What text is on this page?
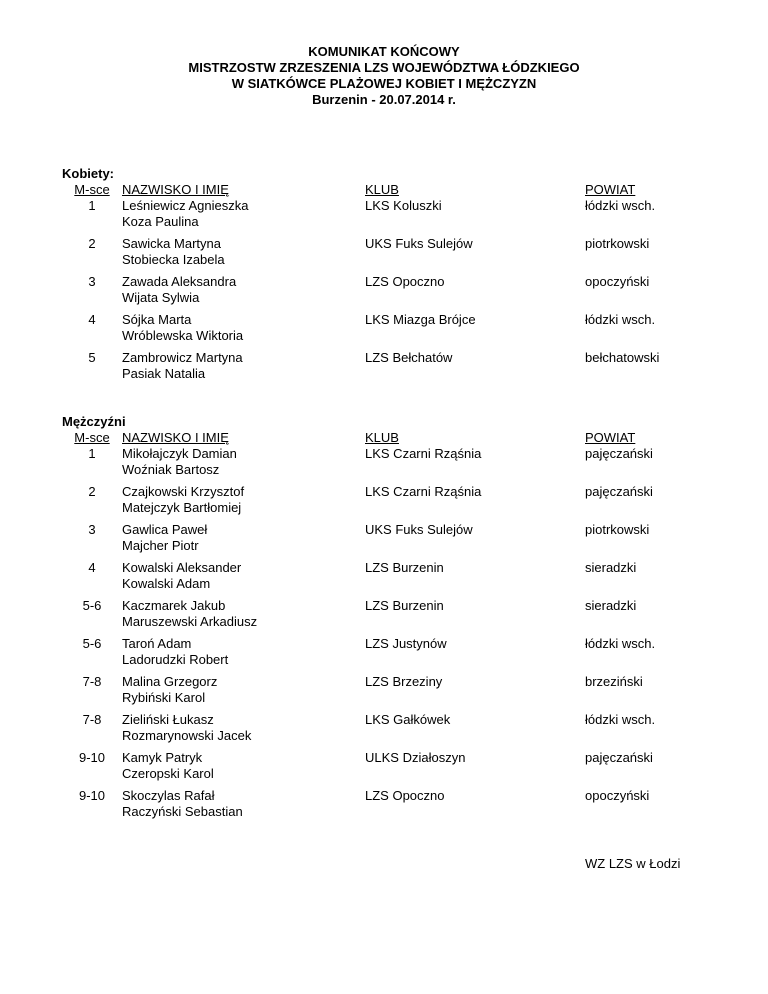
KOMUNIKAT KOŃCOWY
MISTRZOSTW ZRZESZENIA LZS WOJEWÓDZTWA ŁÓDZKIEGO
W SIATKÓWCE PLAŻOWEJ KOBIET I MĘŻCZYZN
Burzenin - 20.07.2014 r.
Kobiety:
M-sce NAZWISKO I IMIĘ	KLUB	POWIAT
1	Leśniewicz Agnieszka
Koza Paulina
LKS Koluszki	łódzki wsch.
2	Sawicka Martyna
Stobiecka Izabela
UKS Fuks Sulejów	piotrkowski
3	Zawada Aleksandra
Wijata Sylwia
LZS Opoczno	opoczyński
4	Sójka Marta
Wróblewska Wiktoria
LKS Miazga Brójce	łódzki wsch.
5	Zambrowicz Martyna
Pasiak Natalia
LZS Bełchatów	bełchatowski
Mężczyźni
M-sce NAZWISKO I IMIĘ	KLUB	POWIAT
1	Mikołajczyk Damian
Woźniak Bartosz
LKS Czarni Rząśnia	pajęczański
2	Czajkowski Krzysztof
Matejczyk Bartłomiej
LKS Czarni Rząśnia	pajęczański
3	Gawlica Paweł
Majcher Piotr
UKS Fuks Sulejów	piotrkowski
4	Kowalski Aleksander
Kowalski Adam
LZS Burzenin	sieradzki
5-6	Kaczmarek Jakub
Maruszewski Arkadiusz
LZS Burzenin	sieradzki
5-6	Taroń Adam
Ladorudzki Robert
LZS Justynów	łódzki wsch.
7-8	Malina Grzegorz
Rybiński Karol
LZS Brzeziny	brzeziński
7-8	Zieliński Łukasz
Rozmarynowski Jacek
LKS Gałkówek	łódzki wsch.
9-10	Kamyk Patryk
Czeropski Karol
ULKS Działoszyn	pajęczański
9-10	Skoczylas Rafał
Raczyński Sebastian
LZS Opoczno	opoczyński
WZ LZS w Łodzi
